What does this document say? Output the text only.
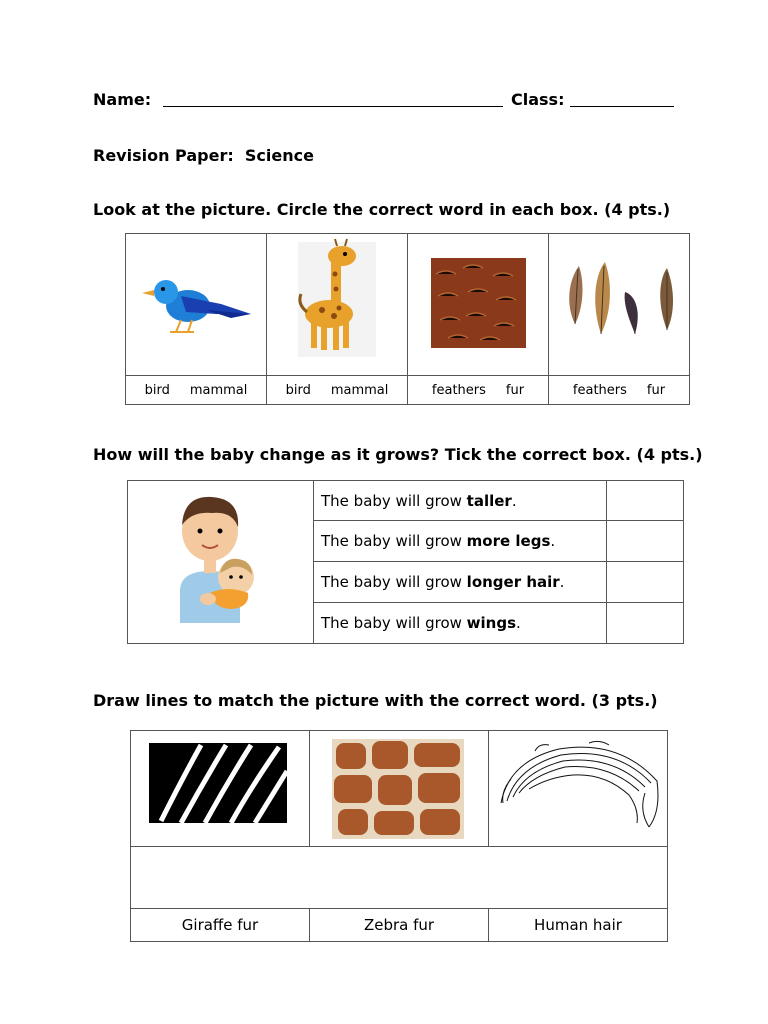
Name:	Class:
Revision Paper: Science
Look at the picture. Circle the correct word in each box. (4 pts.)

bird mammal	bird mammal	feathers fur	feathers fur
How will the baby change as it grows? Tick the correct box. (4 pts.)
	The baby will grow taller.	
	The baby will grow more legs.	
	The baby will grow longer hair.	
	The baby will grow wings.	
Draw lines to match the picture with the correct word. (3 pts.)

Giraffe fur	Zebra fur	Human hair
